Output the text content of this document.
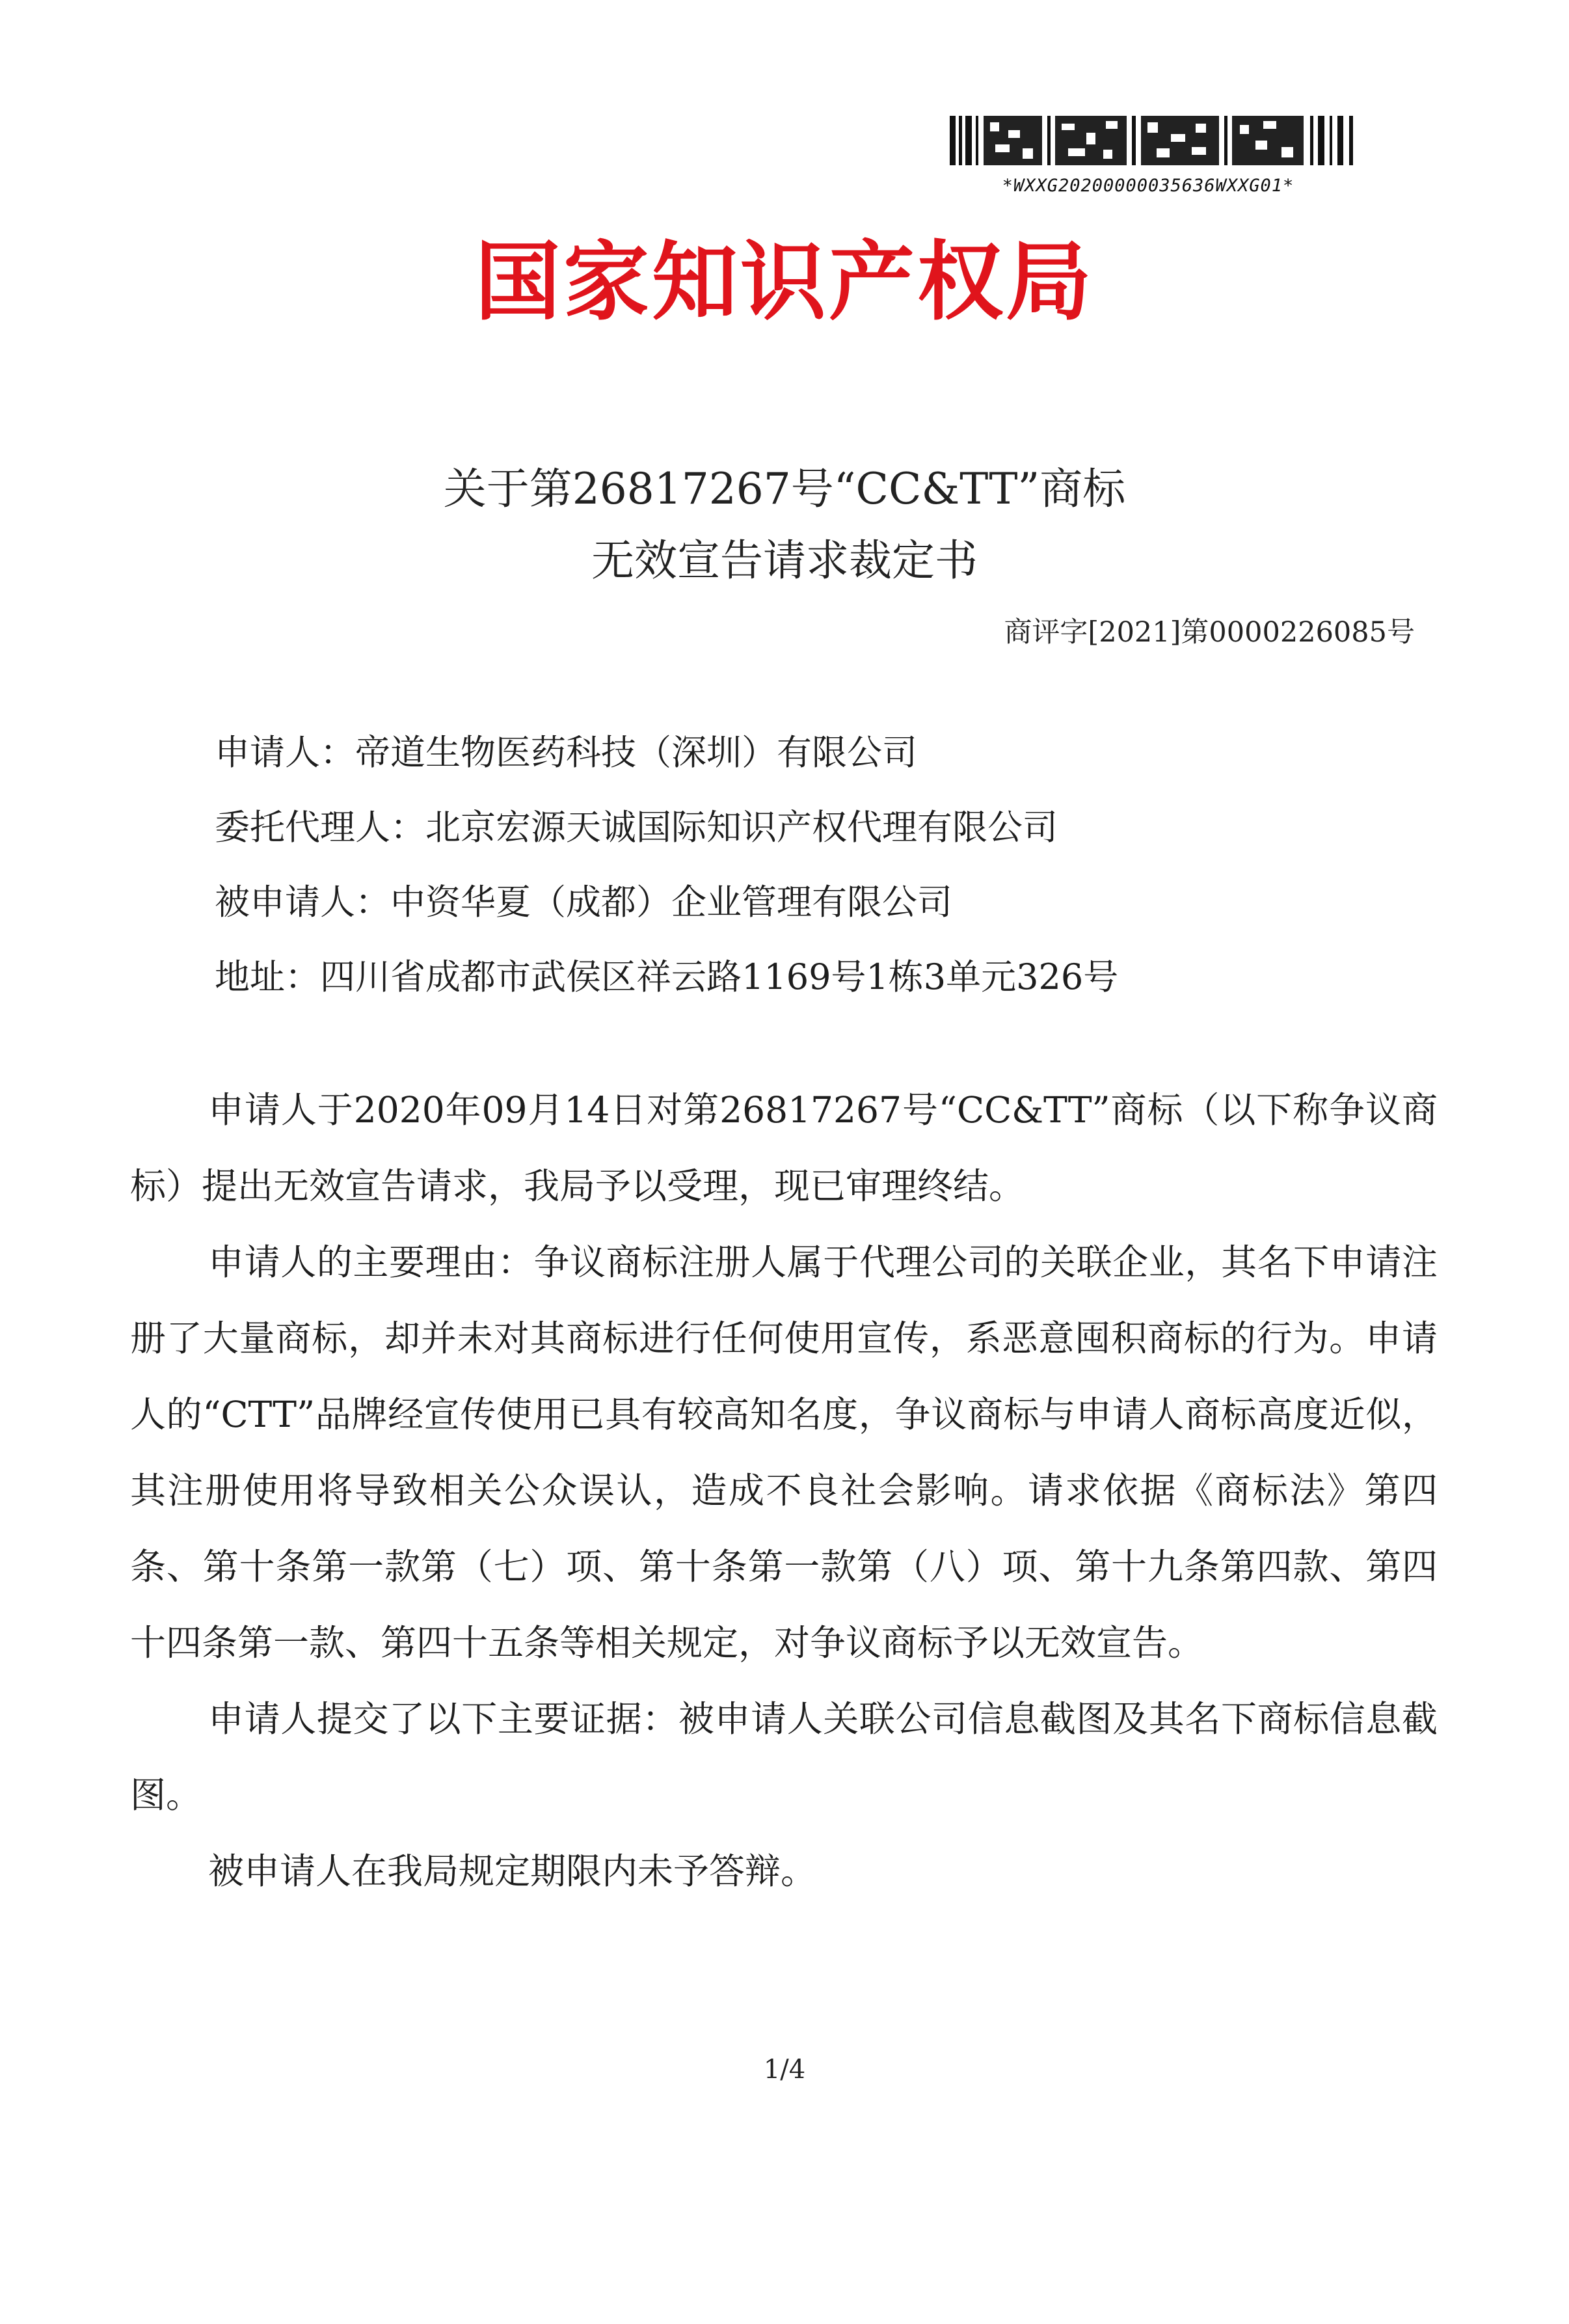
*WXXG20200000035636WXXG01*
国家知识产权局
关于第26817267号“CC&TT”商标
无效宣告请求裁定书
商评字[2021]第0000226085号
申请人：帝道生物医药科技（深圳）有限公司
委托代理人：北京宏源天诚国际知识产权代理有限公司
被申请人：中资华夏（成都）企业管理有限公司
地址：四川省成都市武侯区祥云路1169号1栋3单元326号

申请人于2020年09月14日对第26817267号“CC&TT”商标（以下称争议商标）提出无效宣告请求，我局予以受理，现已审理终结。

申请人的主要理由：争议商标注册人属于代理公司的关联企业，其名下申请注册了大量商标，却并未对其商标进行任何使用宣传，系恶意囤积商标的行为。申请人的“CTT”品牌经宣传使用已具有较高知名度，争议商标与申请人商标高度近似，其注册使用将导致相关公众误认，造成不良社会影响。请求依据《商标法》第四条、第十条第一款第（七）项、第十条第一款第（八）项、第十九条第四款、第四十四条第一款、第四十五条等相关规定，对争议商标予以无效宣告。

申请人提交了以下主要证据：被申请人关联公司信息截图及其名下商标信息截图。

被申请人在我局规定期限内未予答辩。

1/4
